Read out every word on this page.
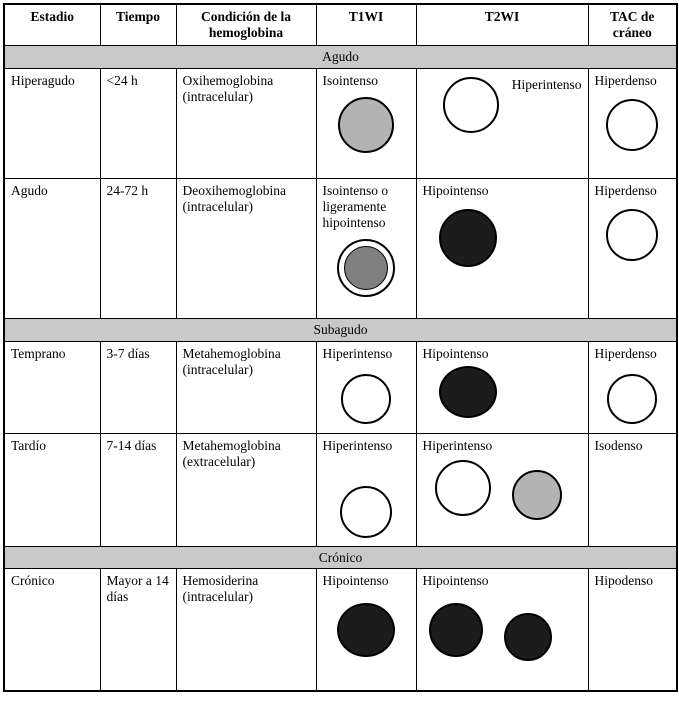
Estadio	Tiempo	Condición de la hemoglobina	T1WI	T2WI	TAC de cráneo
Agudo					
Hiperagudo	<24 h	Oxihemoglobina (intracelular)	Isointenso	Hiperintenso	Hiperdenso

Agudo	24-72 h	Deoxihemoglobina (intracelular)	Isointenso o ligeramente hipointenso	Hipointenso	Hiperdenso

Subagudo					
Temprano	3-7 días	Metahemoglobina (intracelular)	Hiperintenso	Hipointenso	Hiperdenso

Tardío	7-14 días	Metahemoglobina (extracelular)	Hiperintenso	Hiperintenso	Isodenso

Crónico					
Crónico	Mayor a 14 días	Hemosiderina (intracelular)	Hipointenso	Hipointenso	Hipodenso
